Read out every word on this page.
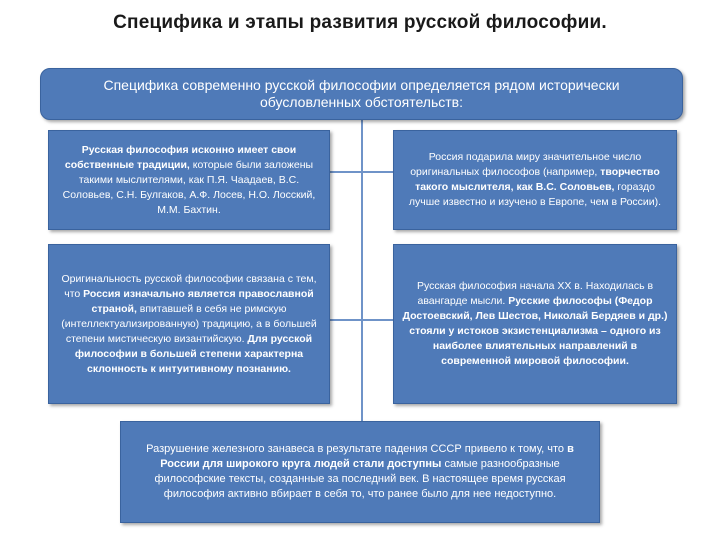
Специфика и этапы развития русской философии.
Специфика современно русской философии определяется рядом исторически обусловленных обстоятельств:
Русская философия исконно имеет свои собственные традиции, которые были заложены такими мыслителями, как П.Я. Чаадаев, В.С. Соловьев, С.Н. Булгаков, А.Ф. Лосев, Н.О. Лосский, М.М. Бахтин.
Россия подарила миру значительное число оригинальных философов (например, творчество такого мыслителя, как В.С. Соловьев, гораздо лучше известно и изучено в Европе, чем в России).
Оригинальность русской философии связана с тем, что Россия изначально является православной страной, впитавшей в себя не римскую (интеллектуализированную) традицию, а в большей степени мистическую византийскую. Для русской философии в большей степени характерна склонность к интуитивному познанию.
Русская философия начала XX в. Находилась в авангарде мысли. Русские философы (Федор Достоевский, Лев Шестов, Николай Бердяев и др.) стояли у истоков экзистенциализма – одного из наиболее влиятельных направлений в современной мировой философии.
Разрушение железного занавеса в результате падения СССР привело к тому, что в России для широкого круга людей стали доступны самые разнообразные философские тексты, созданные за последний век. В настоящее время русская философия активно вбирает в себя то, что ранее было для нее недоступно.
